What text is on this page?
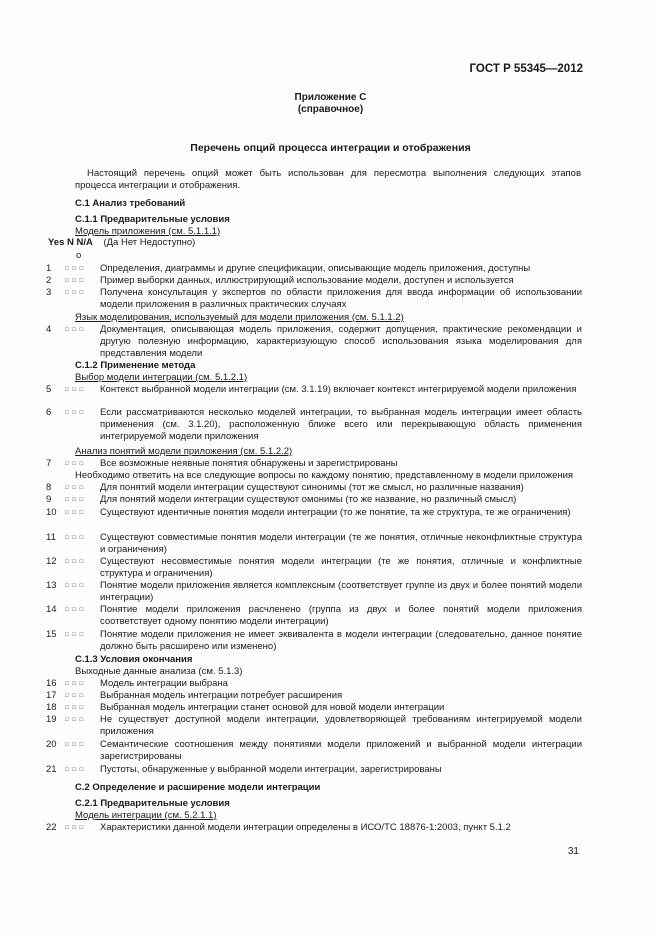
ГОСТ Р 55345—2012
Приложение С
(справочное)
Перечень опций процесса интеграции и отображения
Настоящий перечень опций может быть использован для пересмотра выполнения следующих этапов процесса интеграции и отображения.
С.1 Анализ требований
С.1.1 Предварительные условия
Модель приложения (см. 5.1.1.1)
Yes N N/A (Да Нет Недоступно)
o
1 □ □ □ Определения, диаграммы и другие спецификации, описывающие модель приложения, доступны
2 □ □ □ Пример выборки данных, иллюстрирующий использование модели, доступен и используется
3 □ □ □ Получена консультация у экспертов по области приложения для ввода информации об использовании модели приложения в различных практических случаях
Язык моделирования, используемый для модели приложения (см. 5.1.1.2)
4 □ □ □ Документация, описывающая модель приложения, содержит допущения, практические рекомендации и другую полезную информацию, характеризующую способ использования языка моделирования для представления модели
С.1.2 Применение метода
Выбор модели интеграции (см. 5.1.2.1)
5 □ □ □ Контекст выбранной модели интеграции (см. 3.1.19) включает контекст интегрируемой модели приложения
6 □ □ □ Если рассматриваются несколько моделей интеграции, то выбранная модель интеграции имеет область применения (см. 3.1.20), расположенную ближе всего или перекрывающую область применения интегрируемой модели приложения
Анализ понятий модели приложения (см. 5.1.2.2)
7 □ □ □ Все возможные неявные понятия обнаружены и зарегистрированы
Необходимо ответить на все следующие вопросы по каждому понятию, представленному в модели приложения
8 □ □ □ Для понятий модели интеграции существуют синонимы (тот же смысл, но различные названия)
9 □ □ □ Для понятий модели интеграции существуют омонимы (то же название, но различный смысл)
10 □ □ □ Существуют идентичные понятия модели интеграции (то же понятие, та же структура, те же ограничения)
11 □ □ □ Существуют совместимые понятия модели интеграции (те же понятия, отличные неконфликтные структура и ограничения)
12 □ □ □ Существуют несовместимые понятия модели интеграции (те же понятия, отличные и конфликтные структура и ограничения)
13 □ □ □ Понятие модели приложения является комплексным (соответствует группе из двух и более понятий модели интеграции)
14 □ □ □ Понятие модели приложения расчленено (группа из двух и более понятий модели приложения соответствует одному понятию модели интеграции)
15 □ □ □ Понятие модели приложения не имеет эквивалента в модели интеграции (следовательно, данное понятие должно быть расширено или изменено)
С.1.3 Условия окончания
Выходные данные анализа (см. 5.1.3)
16 □ □ □ Модель интеграции выбрана
17 □ □ □ Выбранная модель интеграции потребует расширения
18 □ □ □ Выбранная модель интеграции станет основой для новой модели интеграции
19 □ □ □ Не существует доступной модели интеграции, удовлетворяющей требованиям интегрируемой модели приложения
20 □ □ □ Семантические соотношения между понятиями модели приложений и выбранной модели интеграции зарегистрированы
21 □ □ □ Пустоты, обнаруженные у выбранной модели интеграции, зарегистрированы
С.2 Определение и расширение модели интеграции
С.2.1 Предварительные условия
Модель интеграции (см. 5.2.1.1)
22 □ □ □ Характеристики данной модели интеграции определены в ИСО/ТС 18876-1:2003, пункт 5.1.2
31
